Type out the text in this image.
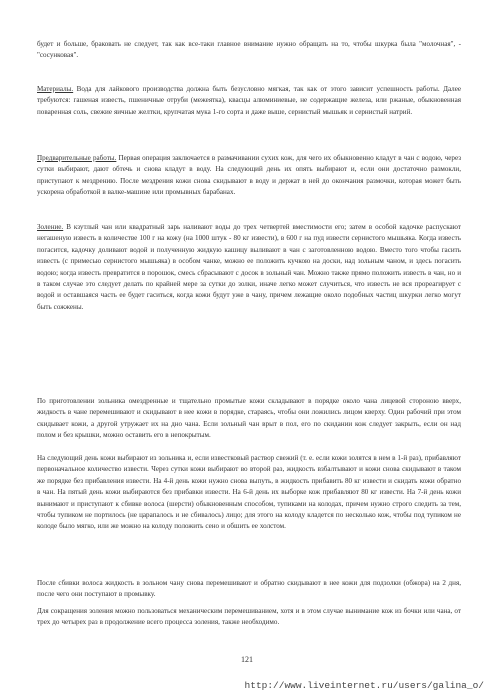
будет и больше, браковать не следует, так как все-таки главное внимание нужно обращать на то, чтобы шкурка была "молочная", - "сосунковая".

Материалы. Вода для лайкового производства должна быть безусловно мягкая, так как от этого зависит успешность работы. Далее требуются: гашеная известь, пшеничные отруби (межеятка), квасцы алюминиевые, не содержащие железа, или ржаные, обыкновенная поваренная соль, свежие яичные желтки, крупчатая мука 1-го сорта и даже выше, сернистый мышьяк и сернистый натрий.

Предварительные работы. Первая операция заключается в размачивании сухих кож, для чего их обыкновенно кладут в чан с водою, через сутки выбирают, дают обтечь и снова кладут в воду. На следующий день их опять выбирают и, если они достаточно размокли, приступают к мездрению. После мездрения кожи снова скидывают в воду и держат в ней до окончания размочки, которая может быть ускорена обработкой в валке-машине или промывных барабанах.

Золение. В кзутлый чан или квадратный зарь наливают воды до трех четвертей вместимости его; затем в особой кадочке распускают негашеную известь в количестве 100 г на кожу (на 1000 штук - 80 кг извести), в 600 г на пуд извести сернистого мышьяка. Когда известь погасится, кадочку доливают водой и полученную жидкую кашицу выливают в чан с заготовленною водою. Вместо того чтобы гасить известь (с примесью сернистого мышьяка) в особом чанке, можно ее положить кучкою на доски, над зольным чаном, и здесь погасить водою; когда известь превратится в порошок, смесь сбрасывают с досок в зольный чан. Можно также прямо положить известь в чан, но и в таком случае это следует делать по крайней мере за сутки до золки, иначе легко может случиться, что известь не вся прореагирует с водой и оставшаяся часть ее будет гаситься, когда кожи будут уже в чану, причем лежащие около подобных частиц шкурки легко могут быть сожжены.

По приготовлении зольника омездренные и тщательно промытые кожи складывают в порядке около чана лицевой стороною вверх, жидкость в чане перемешивают и скидывают в нее кожи в порядке, стараясь, чтобы они ложились лицом кверху. Один рабочий при этом скидывает кожи, а другой утружает их на дно чана. Если зольный чан врыт в пол, его по скидании кож следует закрыть, если он над полом и без крышки, можно оставить его в непокрытым.

На следующий день кожи выбирают из зольника и, если известковый раствор свежий (т. е. если кожи золятся в нем в 1-й раз), прибавляют первоначальное количество извести. Через сутки кожи выбирают во второй раз, жидкость взбалтывают и кожи снова скидывают в таком же порядке без прибавления извести. На 4-й день кожи нужно снова выпуть, в жидкость прибавить 80 кг извести и скидать кожи обратно в чан. На пятый день кожи выбираются без прибавки извести. На 6-й день их выборке кож прибавляют 80 кг извести. На 7-й день кожи вынимают и приступают к сбивке волоса (шерсти) обыкновенным способом, тупиками на колодах, причем нужно строго следить за тем, чтобы тупиком не портилось (не царапалось и не сбивалось) лицо; для этого на колоду кладется по несколько кож, чтобы под тупиком не колоде было мягко, или же можно на колоду положить сено и обшить ее холстом.

После сбивки волоса жидкость в зольном чану снова перемешивают и обратно скидывают в нее кожи для подзолки (обжора) на 2 дня, после чего они поступают в промывку.

Для сокращения золения можно пользоваться механическим перемешиванием, хотя и в этом случае вынимание кож из бочки или чана, от трех до четырех раз в продолжение всего процесса золения, также необходимо.

121
http://www.liveinternet.ru/users/galina_o/
